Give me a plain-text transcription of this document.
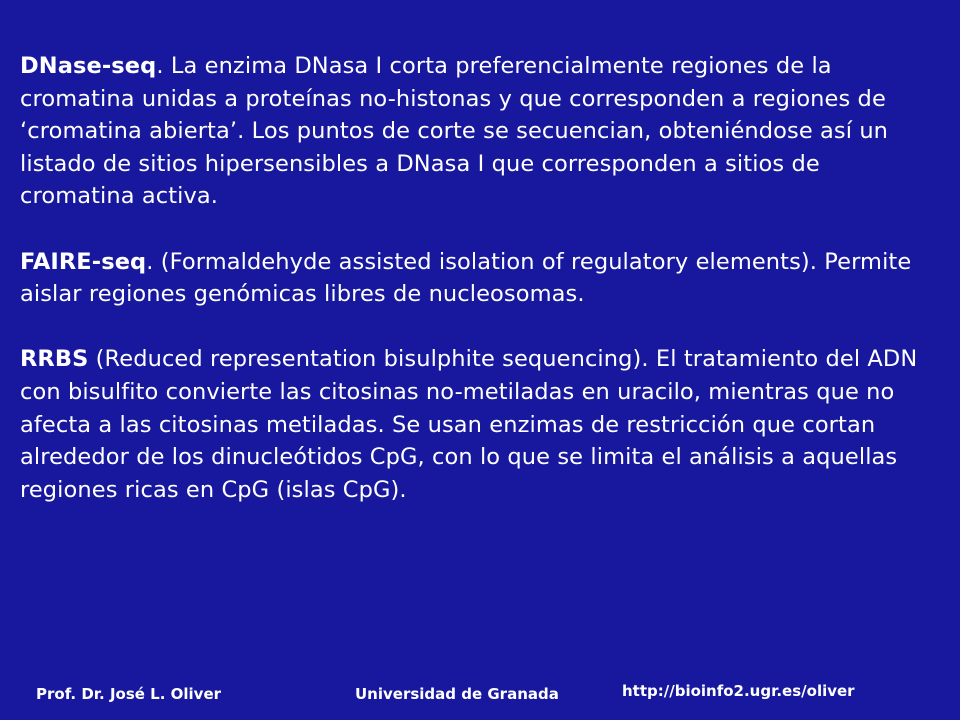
DNase-seq. La enzima DNasa I corta preferencialmente regiones de la cromatina unidas a proteínas no-histonas y que corresponden a regiones de ‘cromatina abierta’. Los puntos de corte se secuencian, obteniéndose así un listado de sitios hipersensibles a DNasa I que corresponden a sitios de cromatina activa.

FAIRE-seq. (Formaldehyde assisted isolation of regulatory elements). Permite aislar regiones genómicas libres de nucleosomas.

RRBS (Reduced representation bisulphite sequencing). El tratamiento del ADN con bisulfito convierte las citosinas no-metiladas en uracilo, mientras que no afecta a las citosinas metiladas. Se usan enzimas de restricción que cortan alrededor de los dinucleótidos CpG, con lo que se limita el análisis a aquellas regiones ricas en CpG (islas CpG).

Prof. Dr. José L. Oliver	Universidad de Granada	http://bioinfo2.ugr.es/oliver
